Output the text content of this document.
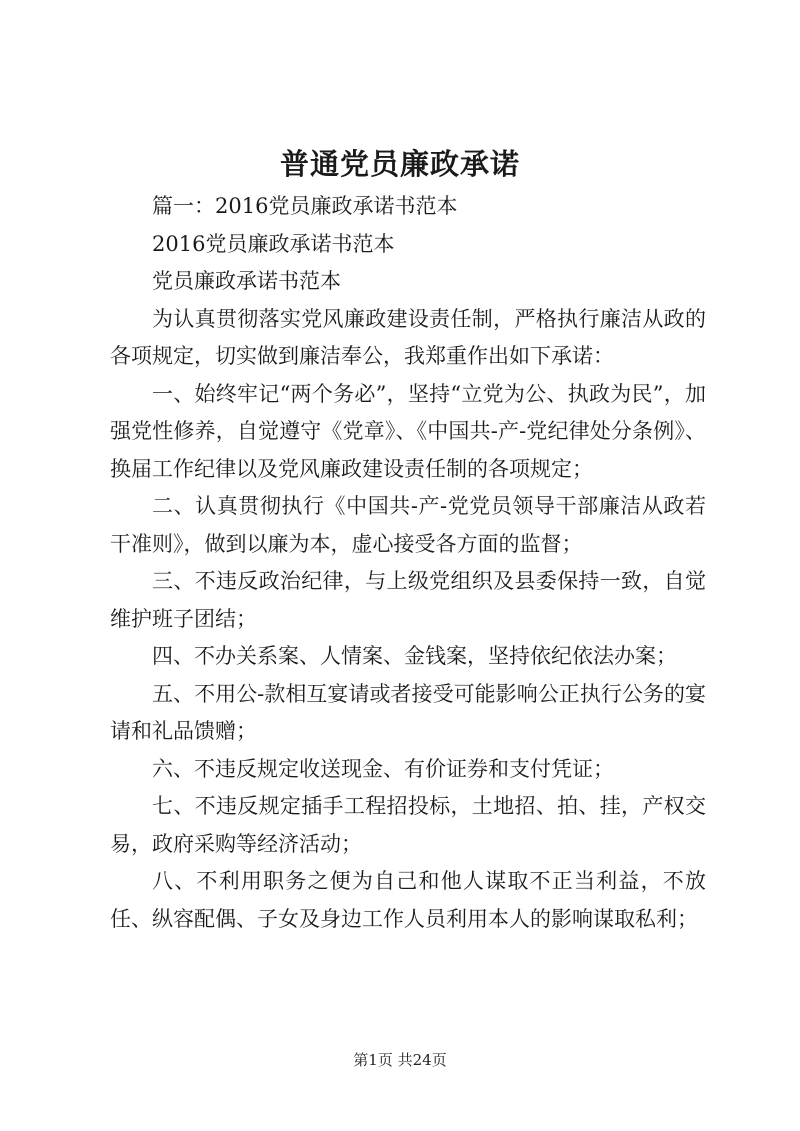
普通党员廉政承诺

篇一：2016党员廉政承诺书范本

2016党员廉政承诺书范本

党员廉政承诺书范本

为认真贯彻落实党风廉政建设责任制，严格执行廉洁从政的各项规定，切实做到廉洁奉公，我郑重作出如下承诺：

一、始终牢记“两个务必”，坚持“立党为公、执政为民”，加强党性修养，自觉遵守《党章》、《中国共-产-党纪律处分条例》、换届工作纪律以及党风廉政建设责任制的各项规定；

二、认真贯彻执行《中国共-产-党党员领导干部廉洁从政若干准则》，做到以廉为本，虚心接受各方面的监督；

三、不违反政治纪律，与上级党组织及县委保持一致，自觉维护班子团结；

四、不办关系案、人情案、金钱案，坚持依纪依法办案；

五、不用公-款相互宴请或者接受可能影响公正执行公务的宴请和礼品馈赠；

六、不违反规定收送现金、有价证券和支付凭证；

七、不违反规定插手工程招投标，土地招、拍、挂，产权交易，政府采购等经济活动；

八、不利用职务之便为自己和他人谋取不正当利益，不放任、纵容配偶、子女及身边工作人员利用本人的影响谋取私利；

第1页 共24页
